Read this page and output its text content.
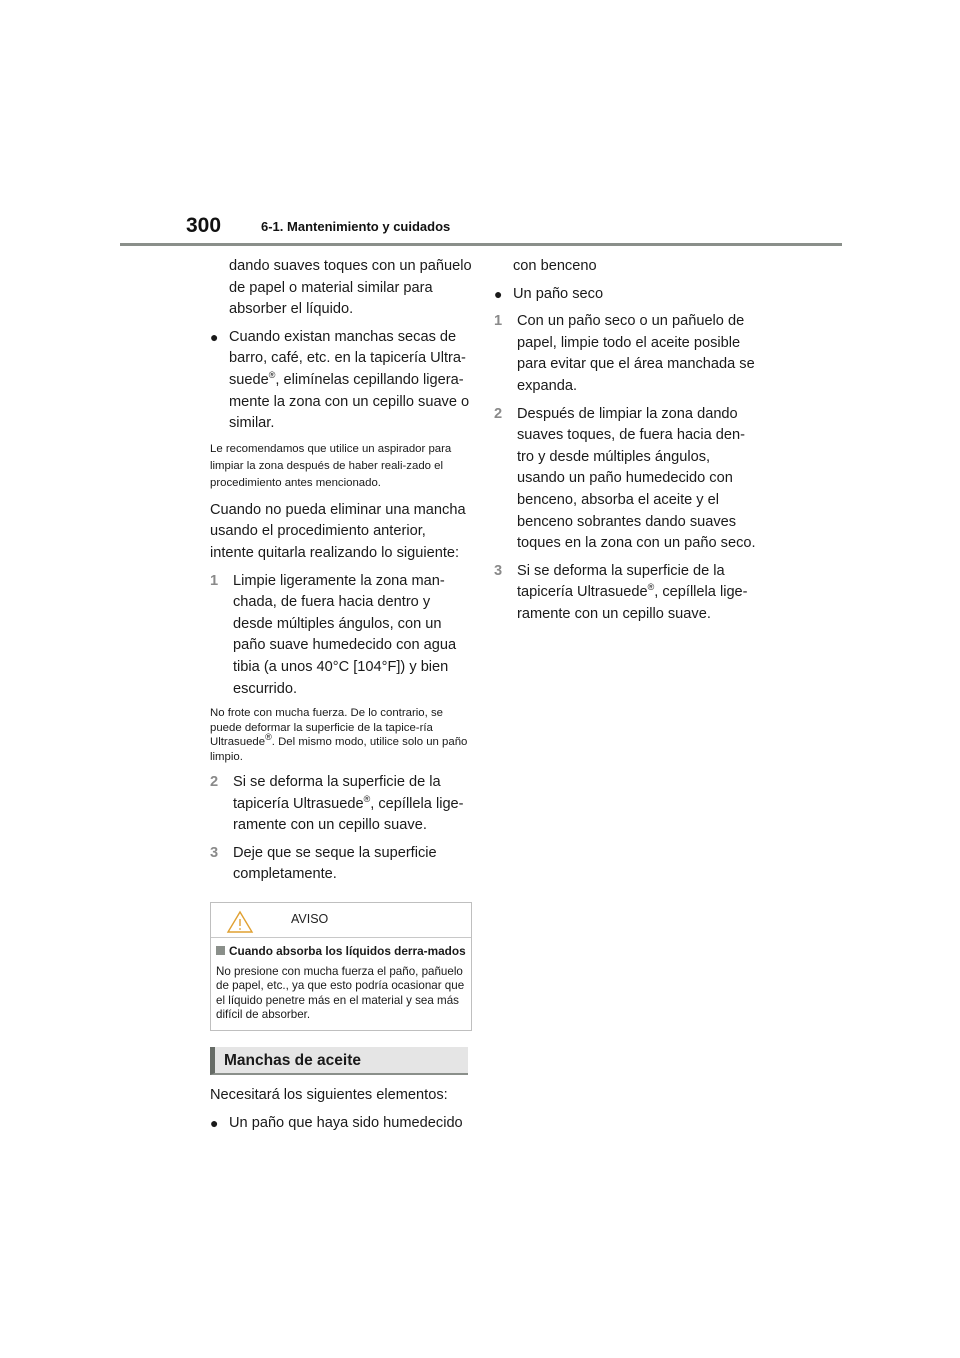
300	6-1. Mantenimiento y cuidados

dando suaves toques con un pañuelo de papel o material similar para absorber el líquido.

● Cuando existan manchas secas de barro, café, etc. en la tapicería Ultra-suede®, elimínelas cepillando ligera-mente la zona con un cepillo suave o similar.

Le recomendamos que utilice un aspirador para limpiar la zona después de haber reali-zado el procedimiento antes mencionado.

Cuando no pueda eliminar una mancha usando el procedimiento anterior, intente quitarla realizando lo siguiente:

1 Limpie ligeramente la zona man-chada, de fuera hacia dentro y desde múltiples ángulos, con un paño suave humedecido con agua tibia (a unos 40°C [104°F]) y bien escurrido.

No frote con mucha fuerza. De lo contrario, se puede deformar la superficie de la tapice-ría Ultrasuede®. Del mismo modo, utilice solo un paño limpio.

2 Si se deforma la superficie de la tapicería Ultrasuede®, cepíllela lige-ramente con un cepillo suave.

3 Deje que se seque la superficie completamente.

AVISO
Cuando absorba los líquidos derra-mados
No presione con mucha fuerza el paño, pañuelo de papel, etc., ya que esto podría ocasionar que el líquido penetre más en el material y sea más difícil de absorber.
Manchas de aceite

Necesitará los siguientes elementos:

● Un paño que haya sido humedecido

con benceno

● Un paño seco

1 Con un paño seco o un pañuelo de papel, limpie todo el aceite posible para evitar que el área manchada se expanda.

2 Después de limpiar la zona dando suaves toques, de fuera hacia den-tro y desde múltiples ángulos, usando un paño humedecido con benceno, absorba el aceite y el benceno sobrantes dando suaves toques en la zona con un paño seco.

3 Si se deforma la superficie de la tapicería Ultrasuede®, cepíllela lige-ramente con un cepillo suave.
